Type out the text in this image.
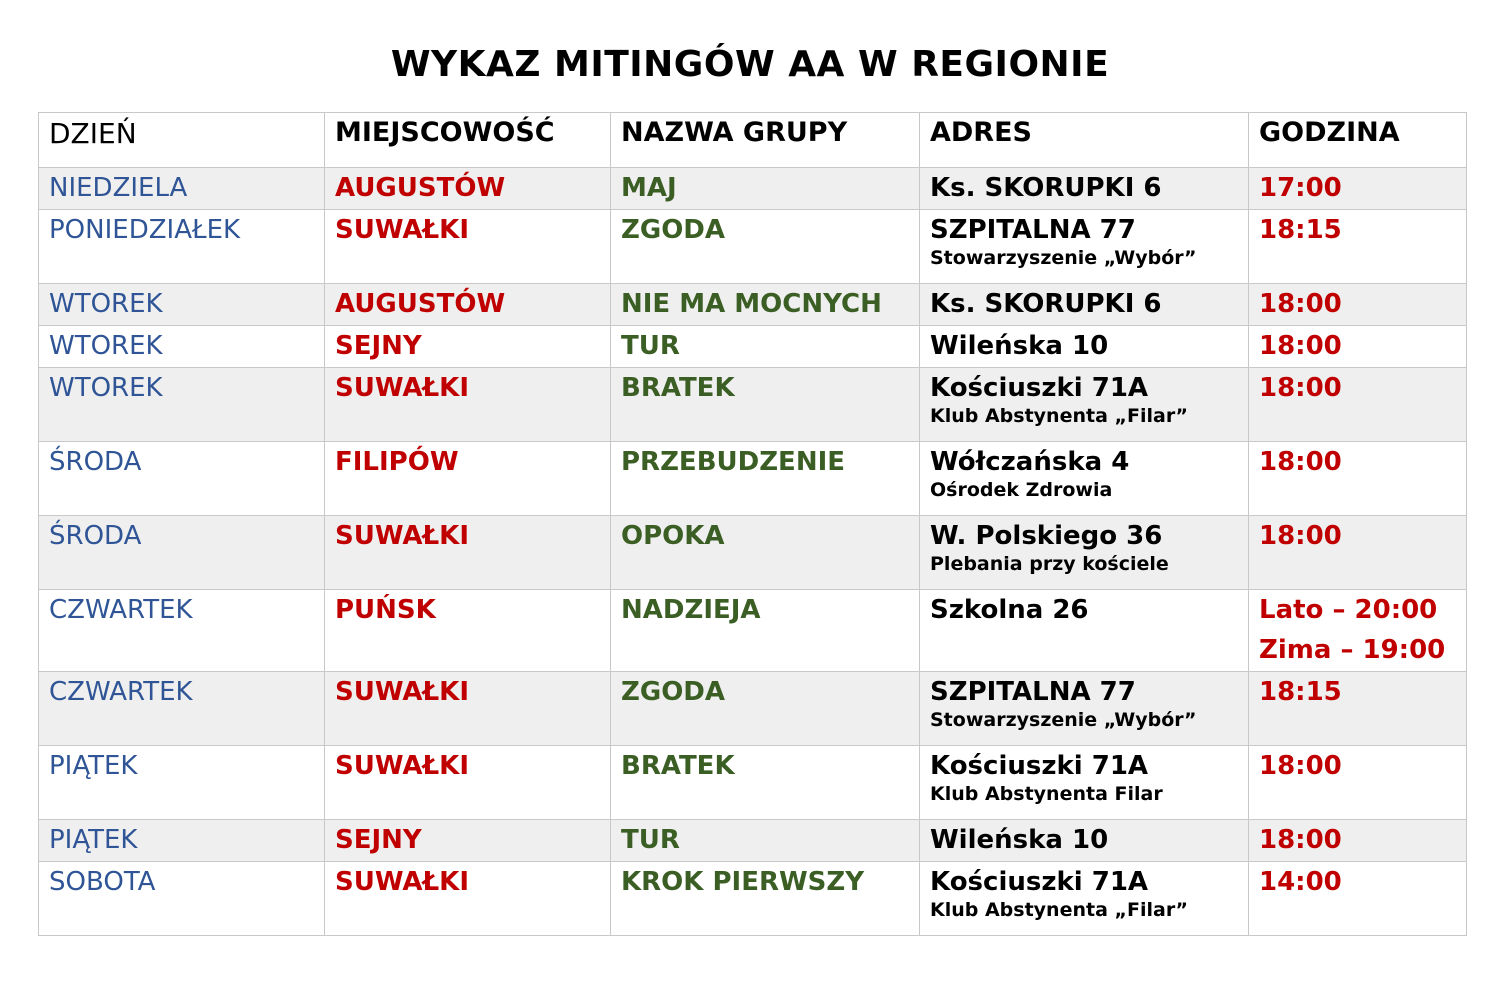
WYKAZ MITINGÓW AA W REGIONIE
DZIEŃ	MIEJSCOWOŚĆ	NAZWA GRUPY	ADRES	GODZINA

NIEDZIELA	AUGUSTÓW	MAJ	Ks. SKORUPKI 6	17:00

PONIEDZIAŁEK	SUWAŁKI	ZGODA	SZPITALNA 77
Stowarzyszenie „Wybór”	18:15

WTOREK	AUGUSTÓW	NIE MA MOCNYCH	Ks. SKORUPKI 6	18:00

WTOREK	SEJNY	TUR	Wileńska 10	18:00

WTOREK	SUWAŁKI	BRATEK	Kościuszki 71A
Klub Abstynenta „Filar”	18:00

ŚRODA	FILIPÓW	PRZEBUDZENIE	Wółczańska 4
Ośrodek Zdrowia	18:00

ŚRODA	SUWAŁKI	OPOKA	W. Polskiego 36
Plebania przy kościele	18:00

CZWARTEK	PUŃSK	NADZIEJA	Szkolna 26	Lato – 20:00
Zima – 19:00

CZWARTEK	SUWAŁKI	ZGODA	SZPITALNA 77
Stowarzyszenie „Wybór”	18:15

PIĄTEK	SUWAŁKI	BRATEK	Kościuszki 71A
Klub Abstynenta Filar	18:00

PIĄTEK	SEJNY	TUR	Wileńska 10	18:00

SOBOTA	SUWAŁKI	KROK PIERWSZY	Kościuszki 71A
Klub Abstynenta „Filar”	14:00
